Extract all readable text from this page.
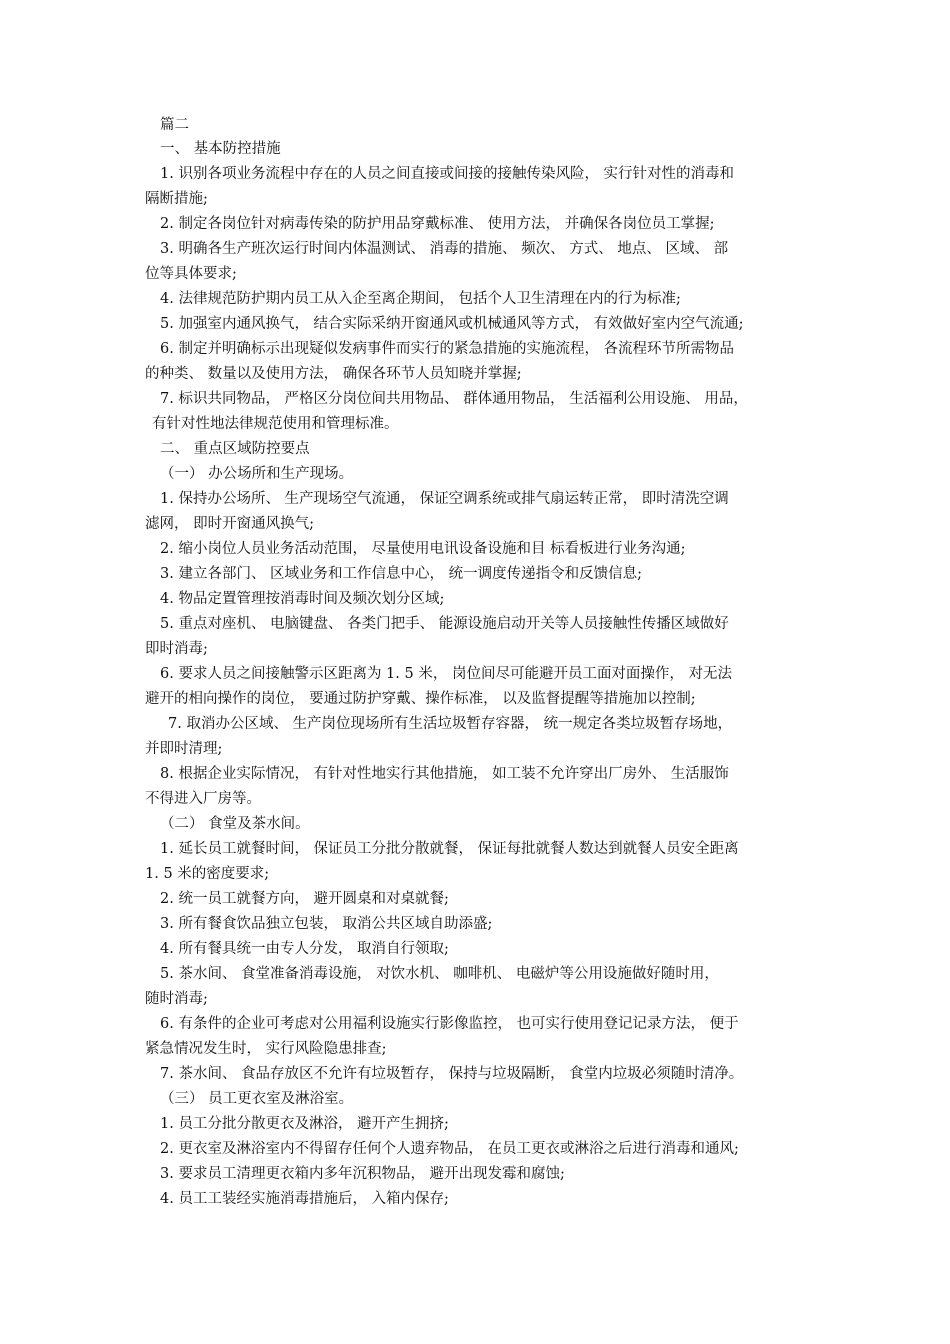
篇二
一、 基本防控措施
1. 识别各项业务流程中存在的人员之间直接或间接的接触传染风险， 实行针对性的消毒和
隔断措施;
2. 制定各岗位针对病毒传染的防护用品穿戴标准、 使用方法， 并确保各岗位员工掌握;
3. 明确各生产班次运行时间内体温测试、 消毒的措施、 频次、 方式、 地点、 区域、 部
位等具体要求;
4. 法律规范防护期内员工从入企至离企期间， 包括个人卫生清理在内的行为标准;
5. 加强室内通风换气， 结合实际采纳开窗通风或机械通风等方式， 有效做好室内空气流通;
6. 制定并明确标示出现疑似发病事件而实行的紧急措施的实施流程， 各流程环节所需物品
的种类、 数量以及使用方法， 确保各环节人员知晓并掌握;
7. 标识共同物品， 严格区分岗位间共用物品、 群体通用物品， 生活福利公用设施、 用品，
有针对性地法律规范使用和管理标准。
二、 重点区域防控要点
（一） 办公场所和生产现场。
1. 保持办公场所、 生产现场空气流通， 保证空调系统或排气扇运转正常， 即时清洗空调
滤网， 即时开窗通风换气;
2. 缩小岗位人员业务活动范围， 尽量使用电讯设备设施和目 标看板进行业务沟通;
3. 建立各部门、 区域业务和工作信息中心， 统一调度传递指令和反馈信息;
4. 物品定置管理按消毒时间及频次划分区域;
5. 重点对座机、 电脑键盘、 各类门把手、 能源设施启动开关等人员接触性传播区域做好
即时消毒;
6. 要求人员之间接触警示区距离为 1. 5 米， 岗位间尽可能避开员工面对面操作， 对无法
避开的相向操作的岗位， 要通过防护穿戴、操作标准， 以及监督提醒等措施加以控制;
7. 取消办公区域、 生产岗位现场所有生活垃圾暂存容器， 统一规定各类垃圾暂存场地，
并即时清理;
8. 根据企业实际情况， 有针对性地实行其他措施， 如工装不允许穿出厂房外、 生活服饰
不得进入厂房等。
（二） 食堂及茶水间。
1. 延长员工就餐时间， 保证员工分批分散就餐， 保证每批就餐人数达到就餐人员安全距离
1. 5 米的密度要求;
2. 统一员工就餐方向， 避开圆桌和对桌就餐;
3. 所有餐食饮品独立包装， 取消公共区域自助添盛;
4. 所有餐具统一由专人分发， 取消自行领取;
5. 茶水间、 食堂准备消毒设施， 对饮水机、 咖啡机、 电磁炉等公用设施做好随时用，
随时消毒;
6. 有条件的企业可考虑对公用福利设施实行影像监控， 也可实行使用登记记录方法， 便于
紧急情况发生时， 实行风险隐患排查;
7. 茶水间、 食品存放区不允许有垃圾暂存， 保持与垃圾隔断， 食堂内垃圾必须随时清净。
（三） 员工更衣室及淋浴室。
1. 员工分批分散更衣及淋浴， 避开产生拥挤;
2. 更衣室及淋浴室内不得留存任何个人遗弃物品， 在员工更衣或淋浴之后进行消毒和通风;
3. 要求员工清理更衣箱内多年沉积物品， 避开出现发霉和腐蚀;
4. 员工工装经实施消毒措施后， 入箱内保存;
